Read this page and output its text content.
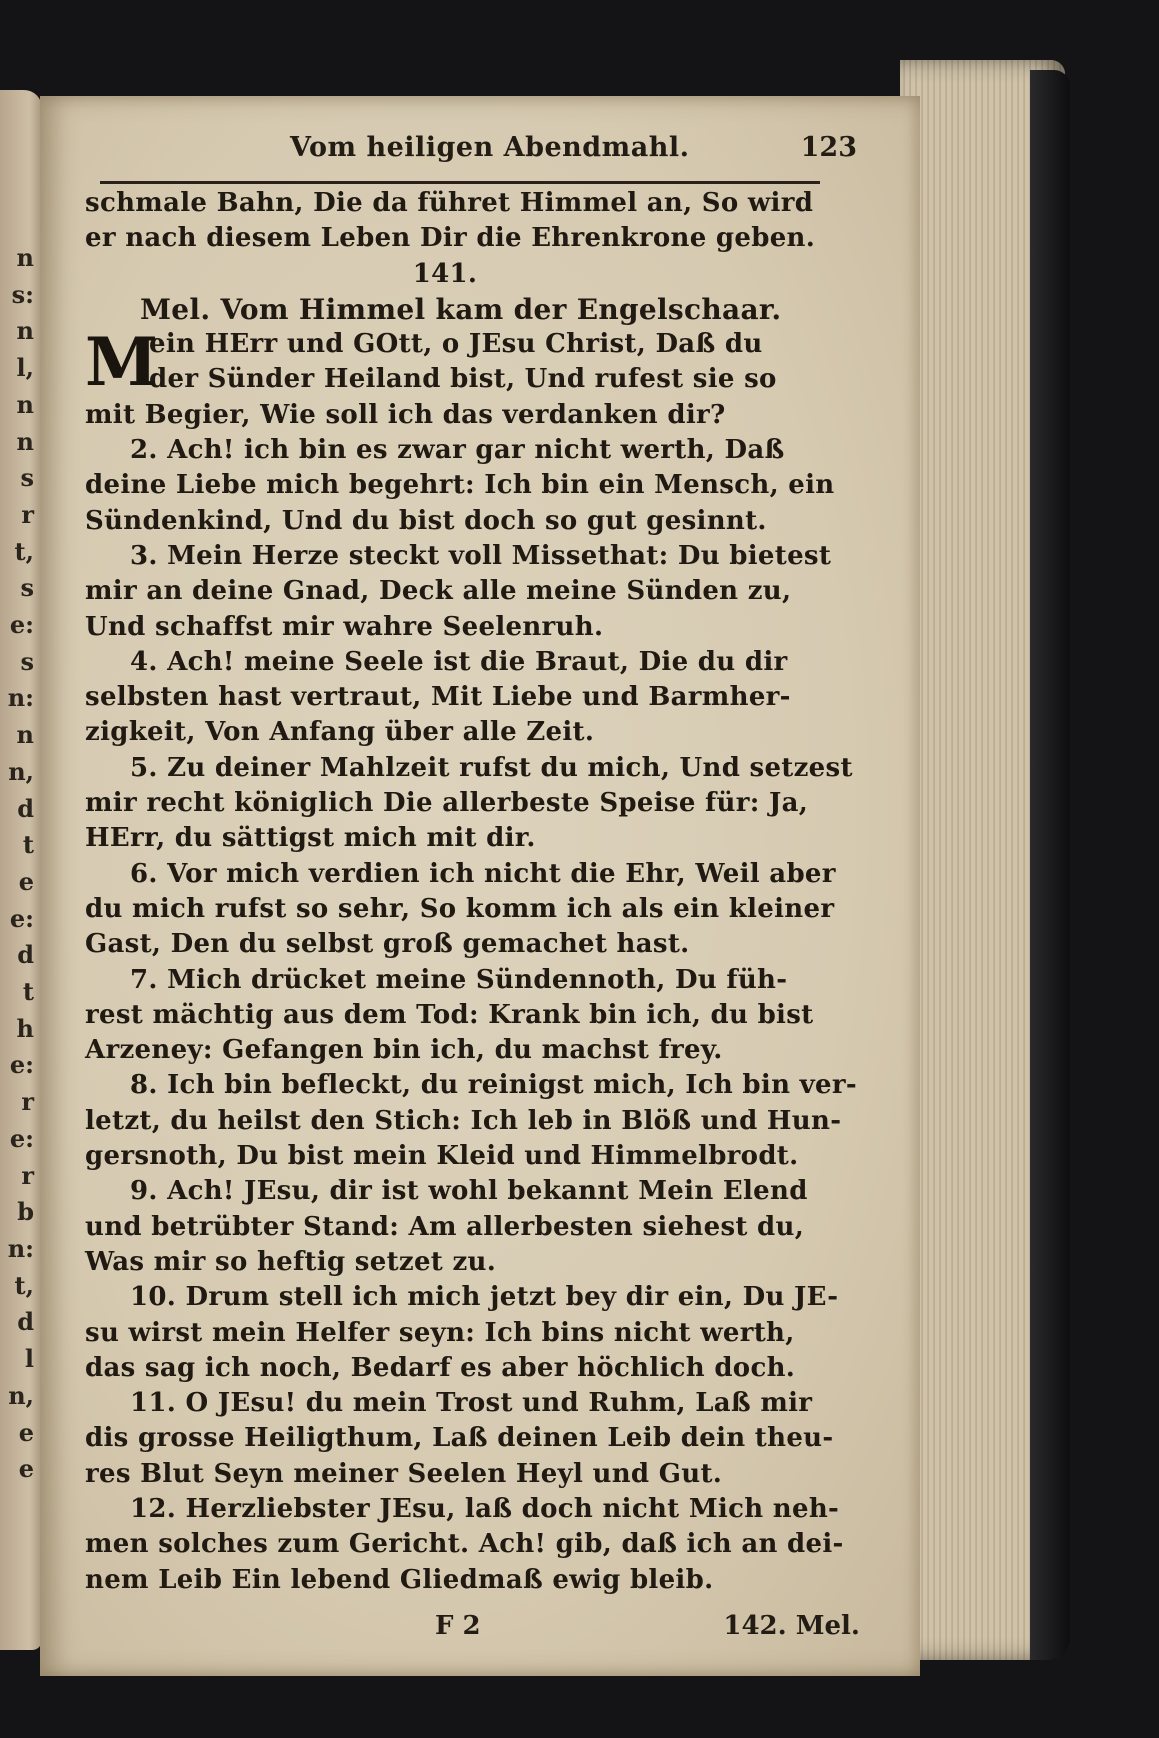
n
s:
n
l,
n
n
s
r
t,
s
e:
s
n:
n
n,
d
t
e
e:
d
t
h
e:
r
e:
r
b
n:
t,
d
l
n,
e
e
Vom heiligen Abendmahl.	123
schmale Bahn, Die da führet Himmel an, So wird
er nach diesem Leben Dir die Ehrenkrone geben.
141.
Mel. Vom Himmel kam der Engelschaar.
M
ein HErr und GOtt, o JEsu Christ, Daß du
der Sünder Heiland bist, Und rufest sie so
mit Begier, Wie soll ich das verdanken dir?
2. Ach! ich bin es zwar gar nicht werth, Daß
deine Liebe mich begehrt: Ich bin ein Mensch, ein
Sündenkind, Und du bist doch so gut gesinnt.
3. Mein Herze steckt voll Missethat: Du bietest
mir an deine Gnad, Deck alle meine Sünden zu,
Und schaffst mir wahre Seelenruh.
4. Ach! meine Seele ist die Braut, Die du dir
selbsten hast vertraut, Mit Liebe und Barmher-
zigkeit, Von Anfang über alle Zeit.
5. Zu deiner Mahlzeit rufst du mich, Und setzest
mir recht königlich Die allerbeste Speise für: Ja,
HErr, du sättigst mich mit dir.
6. Vor mich verdien ich nicht die Ehr, Weil aber
du mich rufst so sehr, So komm ich als ein kleiner
Gast, Den du selbst groß gemachet hast.
7. Mich drücket meine Sündennoth, Du füh-
rest mächtig aus dem Tod: Krank bin ich, du bist
Arzeney: Gefangen bin ich, du machst frey.
8. Ich bin befleckt, du reinigst mich, Ich bin ver-
letzt, du heilst den Stich: Ich leb in Blöß und Hun-
gersnoth, Du bist mein Kleid und Himmelbrodt.
9. Ach! JEsu, dir ist wohl bekannt Mein Elend
und betrübter Stand: Am allerbesten siehest du,
Was mir so heftig setzet zu.
10. Drum stell ich mich jetzt bey dir ein, Du JE-
su wirst mein Helfer seyn: Ich bins nicht werth,
das sag ich noch, Bedarf es aber höchlich doch.
11. O JEsu! du mein Trost und Ruhm, Laß mir
dis grosse Heiligthum, Laß deinen Leib dein theu-
res Blut Seyn meiner Seelen Heyl und Gut.
12. Herzliebster JEsu, laß doch nicht Mich neh-
men solches zum Gericht. Ach! gib, daß ich an dei-
nem Leib Ein lebend Gliedmaß ewig bleib.
F 2	142. Mel.
